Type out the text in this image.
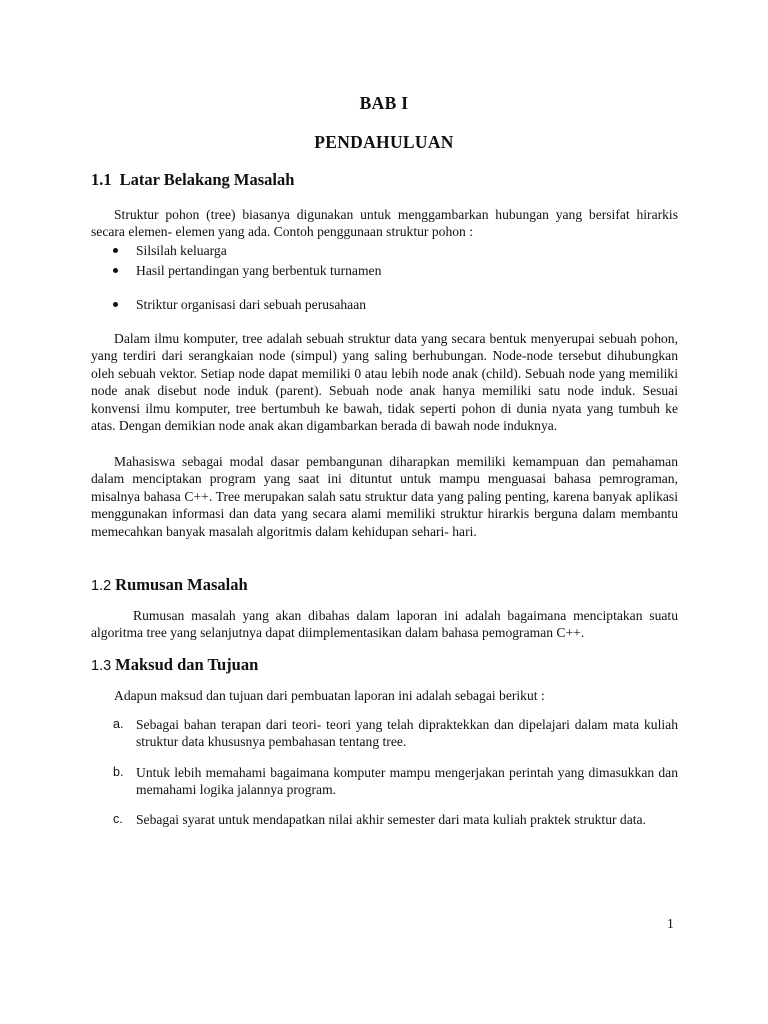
BAB I
PENDAHULUAN
1.1 Latar Belakang Masalah
Struktur pohon (tree) biasanya digunakan untuk menggambarkan hubungan yang bersifat hirarkis secara elemen- elemen yang ada. Contoh penggunaan struktur pohon :
Silsilah keluarga
Hasil pertandingan yang berbentuk turnamen
Striktur organisasi dari sebuah perusahaan
Dalam ilmu komputer, tree adalah sebuah struktur data yang secara bentuk menyerupai sebuah pohon, yang terdiri dari serangkaian node (simpul) yang saling berhubungan. Node-node tersebut dihubungkan oleh sebuah vektor. Setiap node dapat memiliki 0 atau lebih node anak (child). Sebuah node yang memiliki node anak disebut node induk (parent). Sebuah node anak hanya memiliki satu node induk. Sesuai konvensi ilmu komputer, tree bertumbuh ke bawah, tidak seperti pohon di dunia nyata yang tumbuh ke atas. Dengan demikian node anak akan digambarkan berada di bawah node induknya.
Mahasiswa sebagai modal dasar pembangunan diharapkan memiliki kemampuan dan pemahaman dalam menciptakan program yang saat ini dituntut untuk mampu menguasai bahasa pemrograman, misalnya bahasa C++. Tree merupakan salah satu struktur data yang paling penting, karena banyak aplikasi menggunakan informasi dan data yang secara alami memiliki struktur hirarkis berguna dalam membantu memecahkan banyak masalah algoritmis dalam kehidupan sehari- hari.
1.2 Rumusan Masalah
Rumusan masalah yang akan dibahas dalam laporan ini adalah bagaimana menciptakan suatu algoritma tree yang selanjutnya dapat diimplementasikan dalam bahasa pemograman C++.
1.3 Maksud dan Tujuan
Adapun maksud dan tujuan dari pembuatan laporan ini adalah sebagai berikut :
a. Sebagai bahan terapan dari teori- teori yang telah dipraktekkan dan dipelajari dalam mata kuliah struktur data khususnya pembahasan tentang tree.
b. Untuk lebih memahami bagaimana komputer mampu mengerjakan perintah yang dimasukkan dan memahami logika jalannya program.
c. Sebagai syarat untuk mendapatkan nilai akhir semester dari mata kuliah praktek struktur data.
1
